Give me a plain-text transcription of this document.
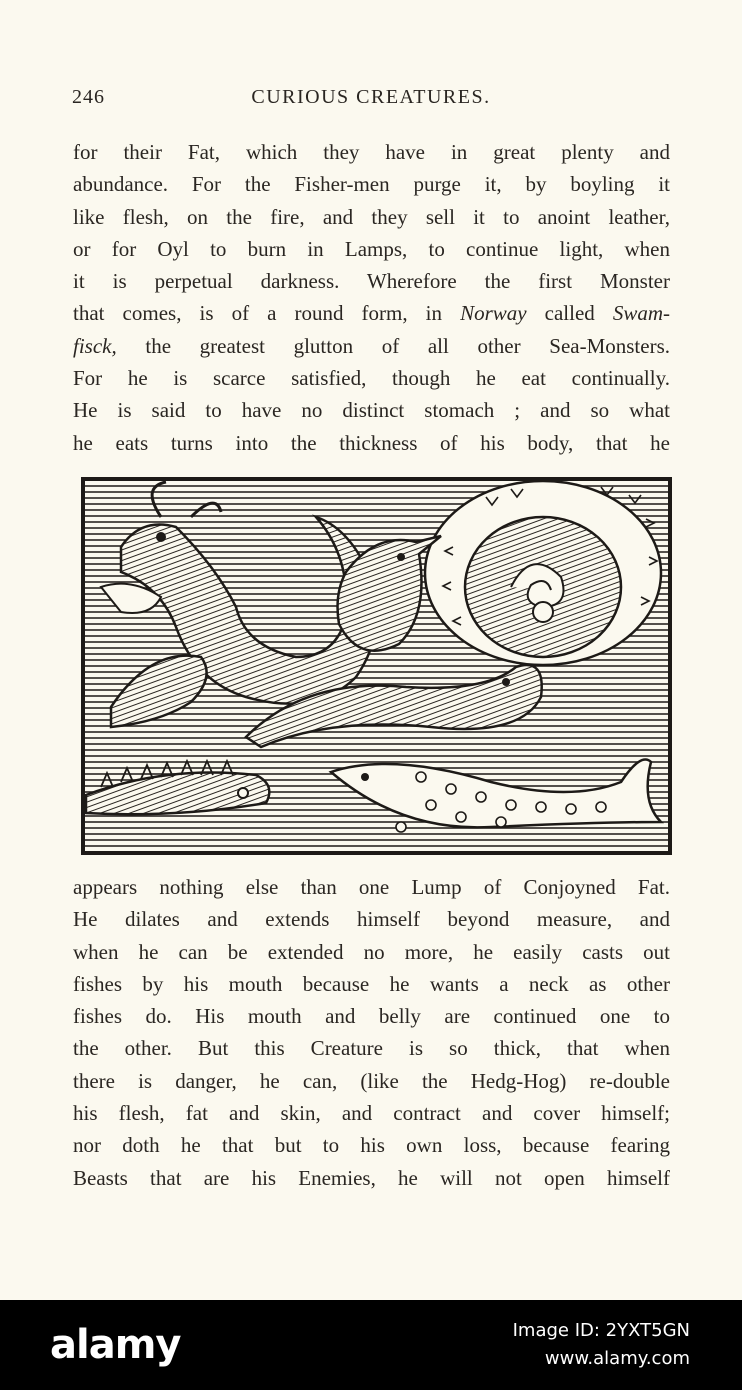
246	CURIOUS CREATURES.
for their Fat, which they have in great plenty and
abundance. For the Fisher-men purge it, by boyling it
like flesh, on the fire, and they sell it to anoint leather,
or for Oyl to burn in Lamps, to continue light, when
it is perpetual darkness. Wherefore the first Monster
that comes, is of a round form, in Norway called Swam-
fisck, the greatest glutton of all other Sea-Monsters.
For he is scarce satisfied, though he eat continually.
He is said to have no distinct stomach ; and so what
he eats turns into the thickness of his body, that he
appears nothing else than one Lump of Conjoyned Fat.
He dilates and extends himself beyond measure, and
when he can be extended no more, he easily casts out
fishes by his mouth because he wants a neck as other
fishes do. His mouth and belly are continued one to
the other. But this Creature is so thick, that when
there is danger, he can, (like the Hedg-Hog) re-double
his flesh, fat and skin, and contract and cover himself;
nor doth he that but to his own loss, because fearing
Beasts that are his Enemies, he will not open himself
alamy	Image ID: 2YXT5GN
www.alamy.com
